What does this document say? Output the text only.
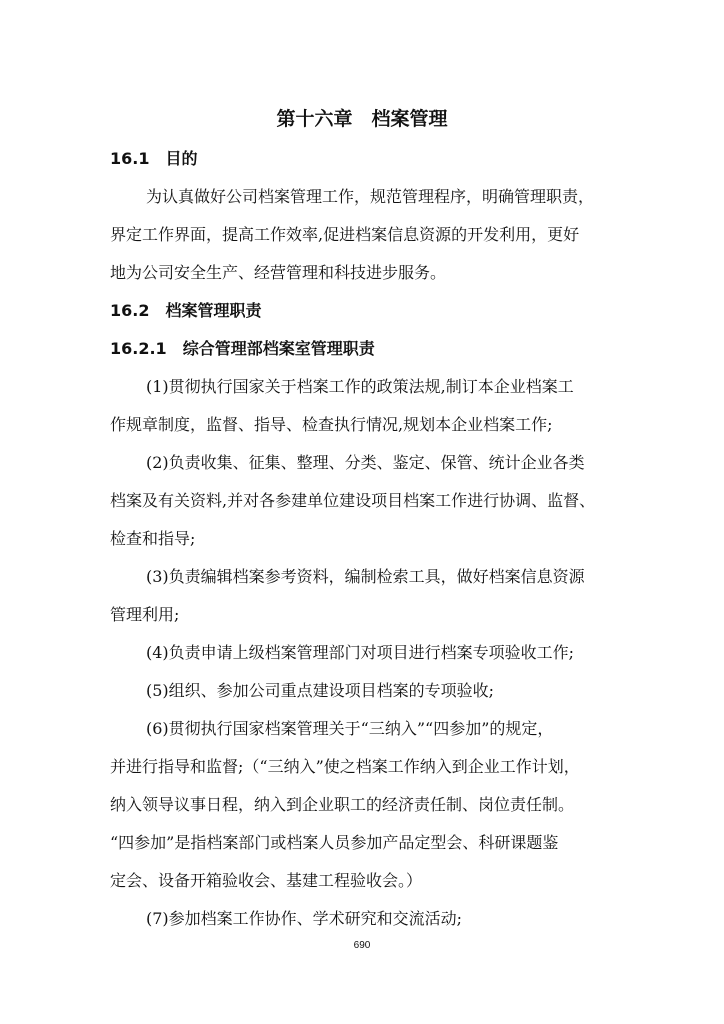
第十六章　档案管理
16.1　目的

为认真做好公司档案管理工作，规范管理程序，明确管理职责，

界定工作界面，提高工作效率,促进档案信息资源的开发利用，更好

地为公司安全生产、经营管理和科技进步服务。

16.2　档案管理职责
16.2.1　综合管理部档案室管理职责

(1)贯彻执行国家关于档案工作的政策法规,制订本企业档案工

作规章制度，监督、指导、检查执行情况,规划本企业档案工作;

(2)负责收集、征集、整理、分类、鉴定、保管、统计企业各类

档案及有关资料,并对各参建单位建设项目档案工作进行协调、监督、

检查和指导;

(3)负责编辑档案参考资料，编制检索工具，做好档案信息资源

管理利用;

(4)负责申请上级档案管理部门对项目进行档案专项验收工作;

(5)组织、参加公司重点建设项目档案的专项验收;

(6)贯彻执行国家档案管理关于“三纳入”“四参加”的规定，

并进行指导和监督;（“三纳入”使之档案工作纳入到企业工作计划，

纳入领导议事日程，纳入到企业职工的经济责任制、岗位责任制。

“四参加”是指档案部门或档案人员参加产品定型会、科研课题鉴

定会、设备开箱验收会、基建工程验收会。）

(7)参加档案工作协作、学术研究和交流活动;

690
